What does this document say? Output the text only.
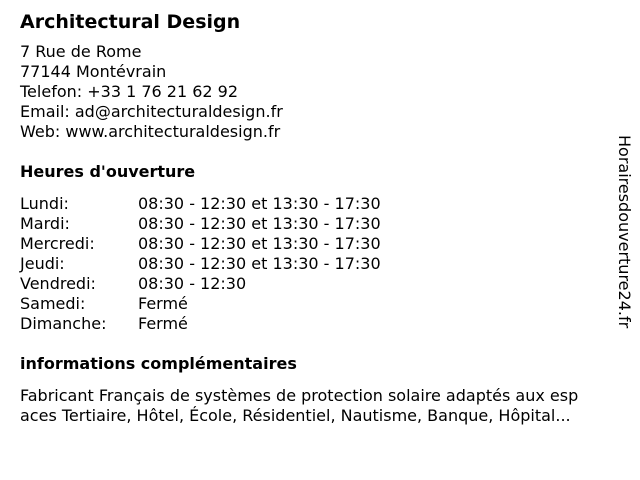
Architectural Design
7 Rue de Rome
77144 Montévrain
Telefon: +33 1 76 21 62 92
Email: ad@architecturaldesign.fr
Web: www.architecturaldesign.fr
Heures d'ouverture
Lundi:	08:30 - 12:30 et 13:30 - 17:30
Mardi:	08:30 - 12:30 et 13:30 - 17:30
Mercredi:	08:30 - 12:30 et 13:30 - 17:30
Jeudi:	08:30 - 12:30 et 13:30 - 17:30
Vendredi:	08:30 - 12:30
Samedi:	Fermé
Dimanche:	Fermé
informations complémentaires
Fabricant Français de systèmes de protection solaire adaptés aux esp
aces Tertiaire, Hôtel, École, Résidentiel, Nautisme, Banque, Hôpital...
Horairesdouverture24.fr
